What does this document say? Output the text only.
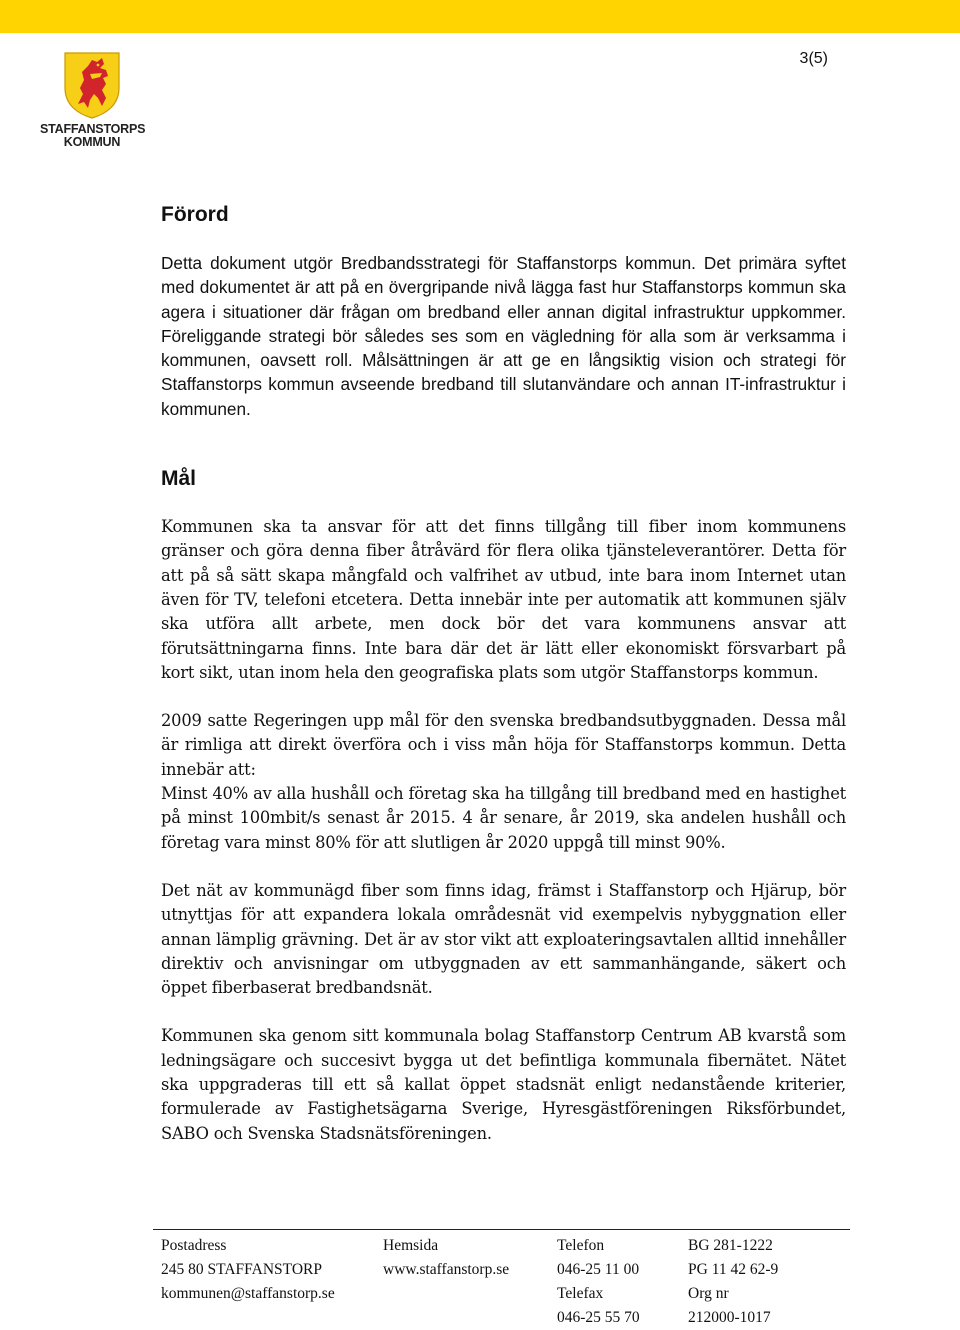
3(5)
STAFFANSTORPS
KOMMUN
Förord

Detta dokument utgör Bredbandsstrategi för Staffanstorps kommun. Det primära syftet med dokumentet är att på en övergripande nivå lägga fast hur Staffanstorps kommun ska agera i situationer där frågan om bredband eller annan digital infrastruktur uppkommer. Föreliggande strategi bör således ses som en vägledning för alla som är verksamma i kommunen, oavsett roll. Målsättningen är att ge en långsiktig vision och strategi för Staffanstorps kommun avseende bredband till slutanvändare och annan IT-infrastruktur i kommunen.

Mål

Kommunen ska ta ansvar för att det finns tillgång till fiber inom kommunens gränser och göra denna fiber åtråvärd för flera olika tjänsteleverantörer. Detta för att på så sätt skapa mångfald och valfrihet av utbud, inte bara inom Internet utan även för TV, telefoni etcetera. Detta innebär inte per automatik att kommunen själv ska utföra allt arbete, men dock bör det vara kommunens ansvar att förutsättningarna finns. Inte bara där det är lätt eller ekonomiskt försvarbart på kort sikt, utan inom hela den geografiska plats som utgör Staffanstorps kommun.

2009 satte Regeringen upp mål för den svenska bredbandsutbyggnaden. Dessa mål är rimliga att direkt överföra och i viss mån höja för Staffanstorps kommun. Detta innebär att:

Minst 40% av alla hushåll och företag ska ha tillgång till bredband med en hastighet på minst 100mbit/s senast år 2015. 4 år senare, år 2019, ska andelen hushåll och företag vara minst 80% för att slutligen år 2020 uppgå till minst 90%.

Det nät av kommunägd fiber som finns idag, främst i Staffanstorp och Hjärup, bör utnyttjas för att expandera lokala områdesnät vid exempelvis nybyggnation eller annan lämplig grävning. Det är av stor vikt att exploateringsavtalen alltid innehåller direktiv och anvisningar om utbyggnaden av ett sammanhängande, säkert och öppet fiberbaserat bredbandsnät.

Kommunen ska genom sitt kommunala bolag Staffanstorp Centrum AB kvarstå som ledningsägare och succesivt bygga ut det befintliga kommunala fibernätet. Nätet ska uppgraderas till ett så kallat öppet stadsnät enligt nedanstående kriterier, formulerade av Fastighetsägarna Sverige, Hyresgästföreningen Riksförbundet, SABO och Svenska Stadsnätsföreningen.

Postadress
245 80 STAFFANSTORP
kommunen@staffanstorp.se
Hemsida
www.staffanstorp.se
Telefon
046-25 11 00
Telefax
046-25 55 70
BG 281-1222
PG 11 42 62-9
Org nr
212000-1017
